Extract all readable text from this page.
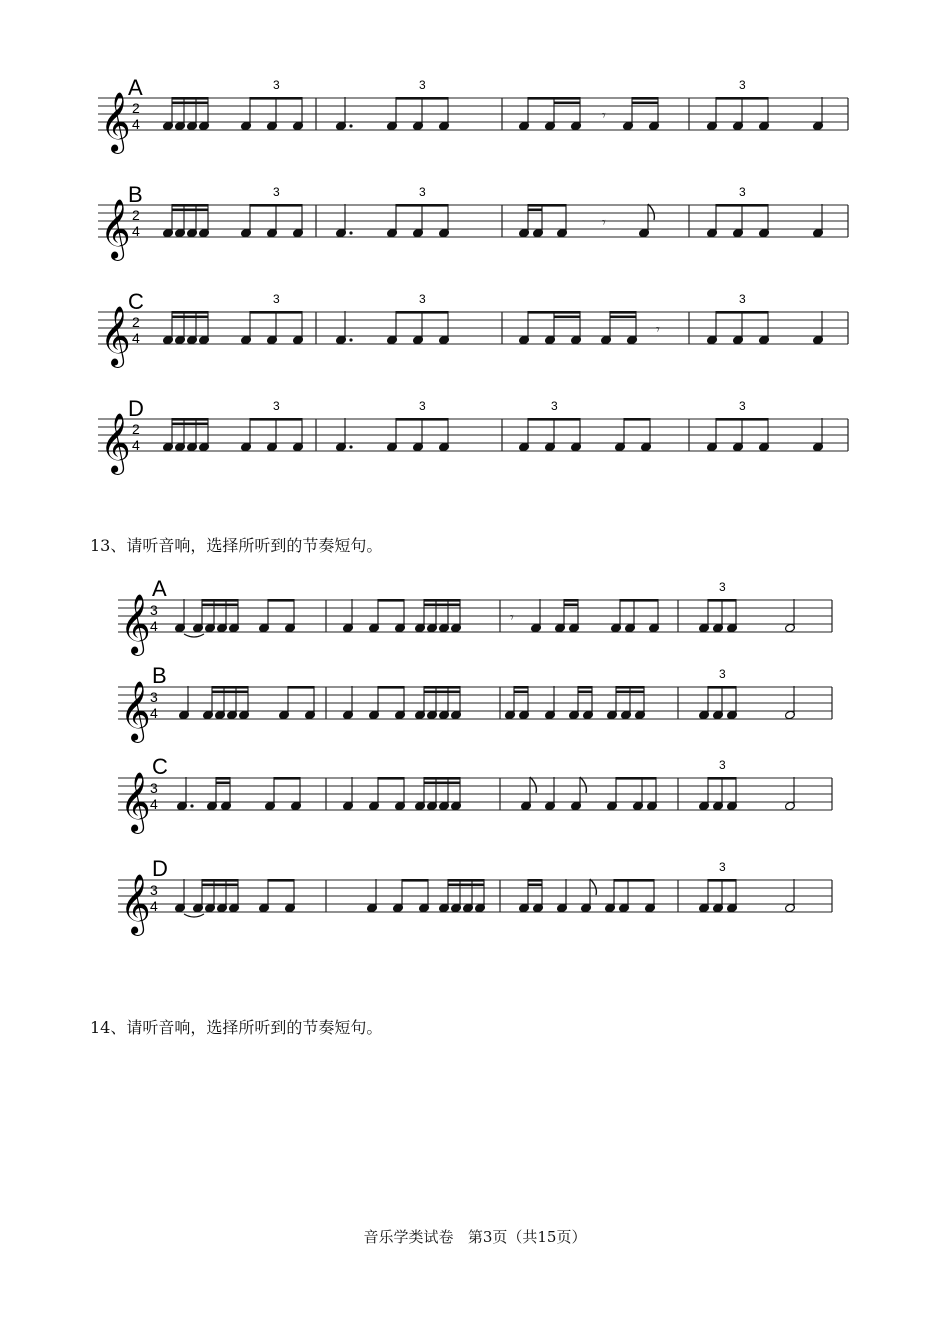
𝄞 2
4
A	3	3
𝄾
3
𝄞 2
4
B	3	3
𝄾
3
𝄞 2
4
C	3	3
𝄾
3
𝄞 2
4
D	3	3	3	3
𝄞 3
4
A
𝄾
3
𝄞 3
4
B	3
𝄞 3
4
C	3
𝄞 3
4
D	3
13、请听音响，选择所听到的节奏短句。
14、请听音响，选择所听到的节奏短句。
音乐学类试卷 第3页（共15页）
